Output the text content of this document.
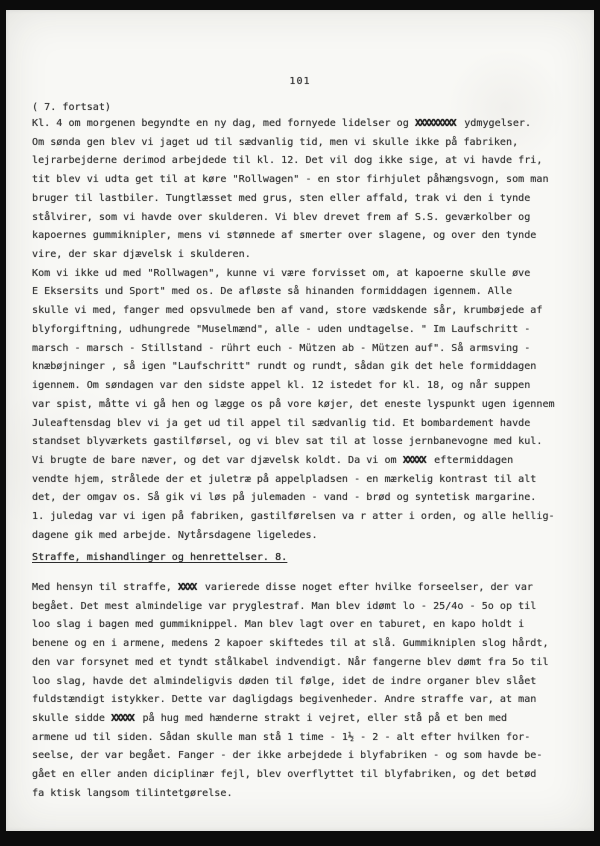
101
( 7. fortsat)
Kl. 4 om morgenen begyndte en ny dag, med fornyede lidelser og XXXXXXXXX ydmygelser.
Om sønda gen blev vi jaget ud til sædvanlig tid, men vi skulle ikke på fabriken,
lejrarbejderne derimod arbejdede til kl. 12. Det vil dog ikke sige, at vi havde fri,
tit blev vi udta get til at køre "Rollwagen" - en stor firhjulet påhængsvogn, som man
bruger til lastbiler. Tungtlæsset med grus, sten eller affald, trak vi den i tynde
stålvirer, som vi havde over skulderen. Vi blev drevet frem af S.S. geværkolber og
kapoernes gummiknipler, mens vi stønnede af smerter over slagene, og over den tynde
vire, der skar djævelsk i skulderen.
Kom vi ikke ud med "Rollwagen", kunne vi være forvisset om, at kapoerne skulle øve
E Eksersits und Sport" med os. De afløste så hinanden formiddagen igennem. Alle
skulle vi med, fanger med opsvulmede ben af vand, store vædskende sår, krumbøjede af
blyforgiftning, udhungrede "Muselmænd", alle - uden undtagelse. " Im Laufschritt -
marsch - marsch - Stillstand - rührt euch - Mützen ab - Mützen auf". Så armsving -
knæbøjninger , så igen "Laufschritt" rundt og rundt, sådan gik det hele formiddagen
igennem. Om søndagen var den sidste appel kl. 12 istedet for kl. 18, og når suppen
var spist, måtte vi gå hen og lægge os på vore køjer, det eneste lyspunkt ugen igennem
Juleaftensdag blev vi ja get ud til appel til sædvanlig tid. Et bombardement havde
standset blyværkets gastilførsel, og vi blev sat til at losse jernbanevogne med kul.
Vi brugte de bare næver, og det var djævelsk koldt. Da vi om XXXXX eftermiddagen
vendte hjem, strålede der et juletræ på appelpladsen - en mærkelig kontrast til alt
det, der omgav os. Så gik vi løs på julemaden - vand - brød og syntetisk margarine.
1. juledag var vi igen på fabriken, gastilførelsen va r atter i orden, og alle hellig-
dagene gik med arbejde. Nytårsdagene ligeledes.
Straffe, mishandlinger og henrettelser. 8.
Med hensyn til straffe, XXXX varierede disse noget efter hvilke forseelser, der var
begået. Det mest almindelige var pryglestraf. Man blev idømt lo - 25/4o - 5o op til
loo slag i bagen med gummiknippel. Man blev lagt over en taburet, en kapo holdt i
benene og en i armene, medens 2 kapoer skiftedes til at slå. Gummikniplen slog hårdt,
den var forsynet med et tyndt stålkabel indvendigt. Når fangerne blev dømt fra 5o til
loo slag, havde det almindeligvis døden til følge, idet de indre organer blev slået
fuldstændigt istykker. Dette var dagligdags begivenheder. Andre straffe var, at man
skulle sidde XXXXX på hug med hænderne strakt i vejret, eller stå på et ben med
armene ud til siden. Sådan skulle man stå 1 time - 1½ - 2 - alt efter hvilken for-
seelse, der var begået. Fanger - der ikke arbejdede i blyfabriken - og som havde be-
gået en eller anden diciplinær fejl, blev overflyttet til blyfabriken, og det betød
fa ktisk langsom tilintetgørelse.
